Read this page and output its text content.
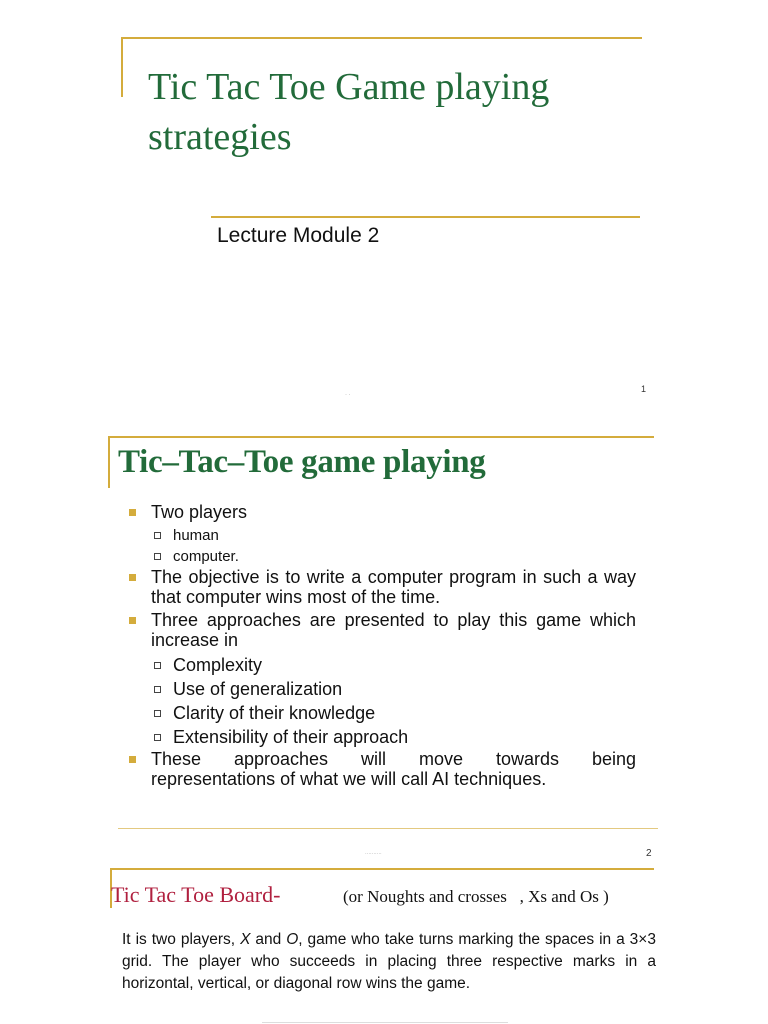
Tic Tac Toe Game playing strategies
Lecture Module 2
· ·
1
Tic–Tac–Toe game playing
Two players
human
computer.
The objective is to write a computer program in such a way that computer wins most of the time.
Three approaches are presented to play this game which increase in
Complexity
Use of generalization
Clarity of their knowledge
Extensibility of their approach
These approaches will move towards being
representations of what we will call AI techniques.
··········	2
Tic Tac Toe Board-	(or Noughts and crosses   , Xs and Os )
It is two players, X and O, game who take turns marking the spaces in a 3×3 grid. The player who succeeds in placing three respective marks in a horizontal, vertical, or diagonal row wins the game.
